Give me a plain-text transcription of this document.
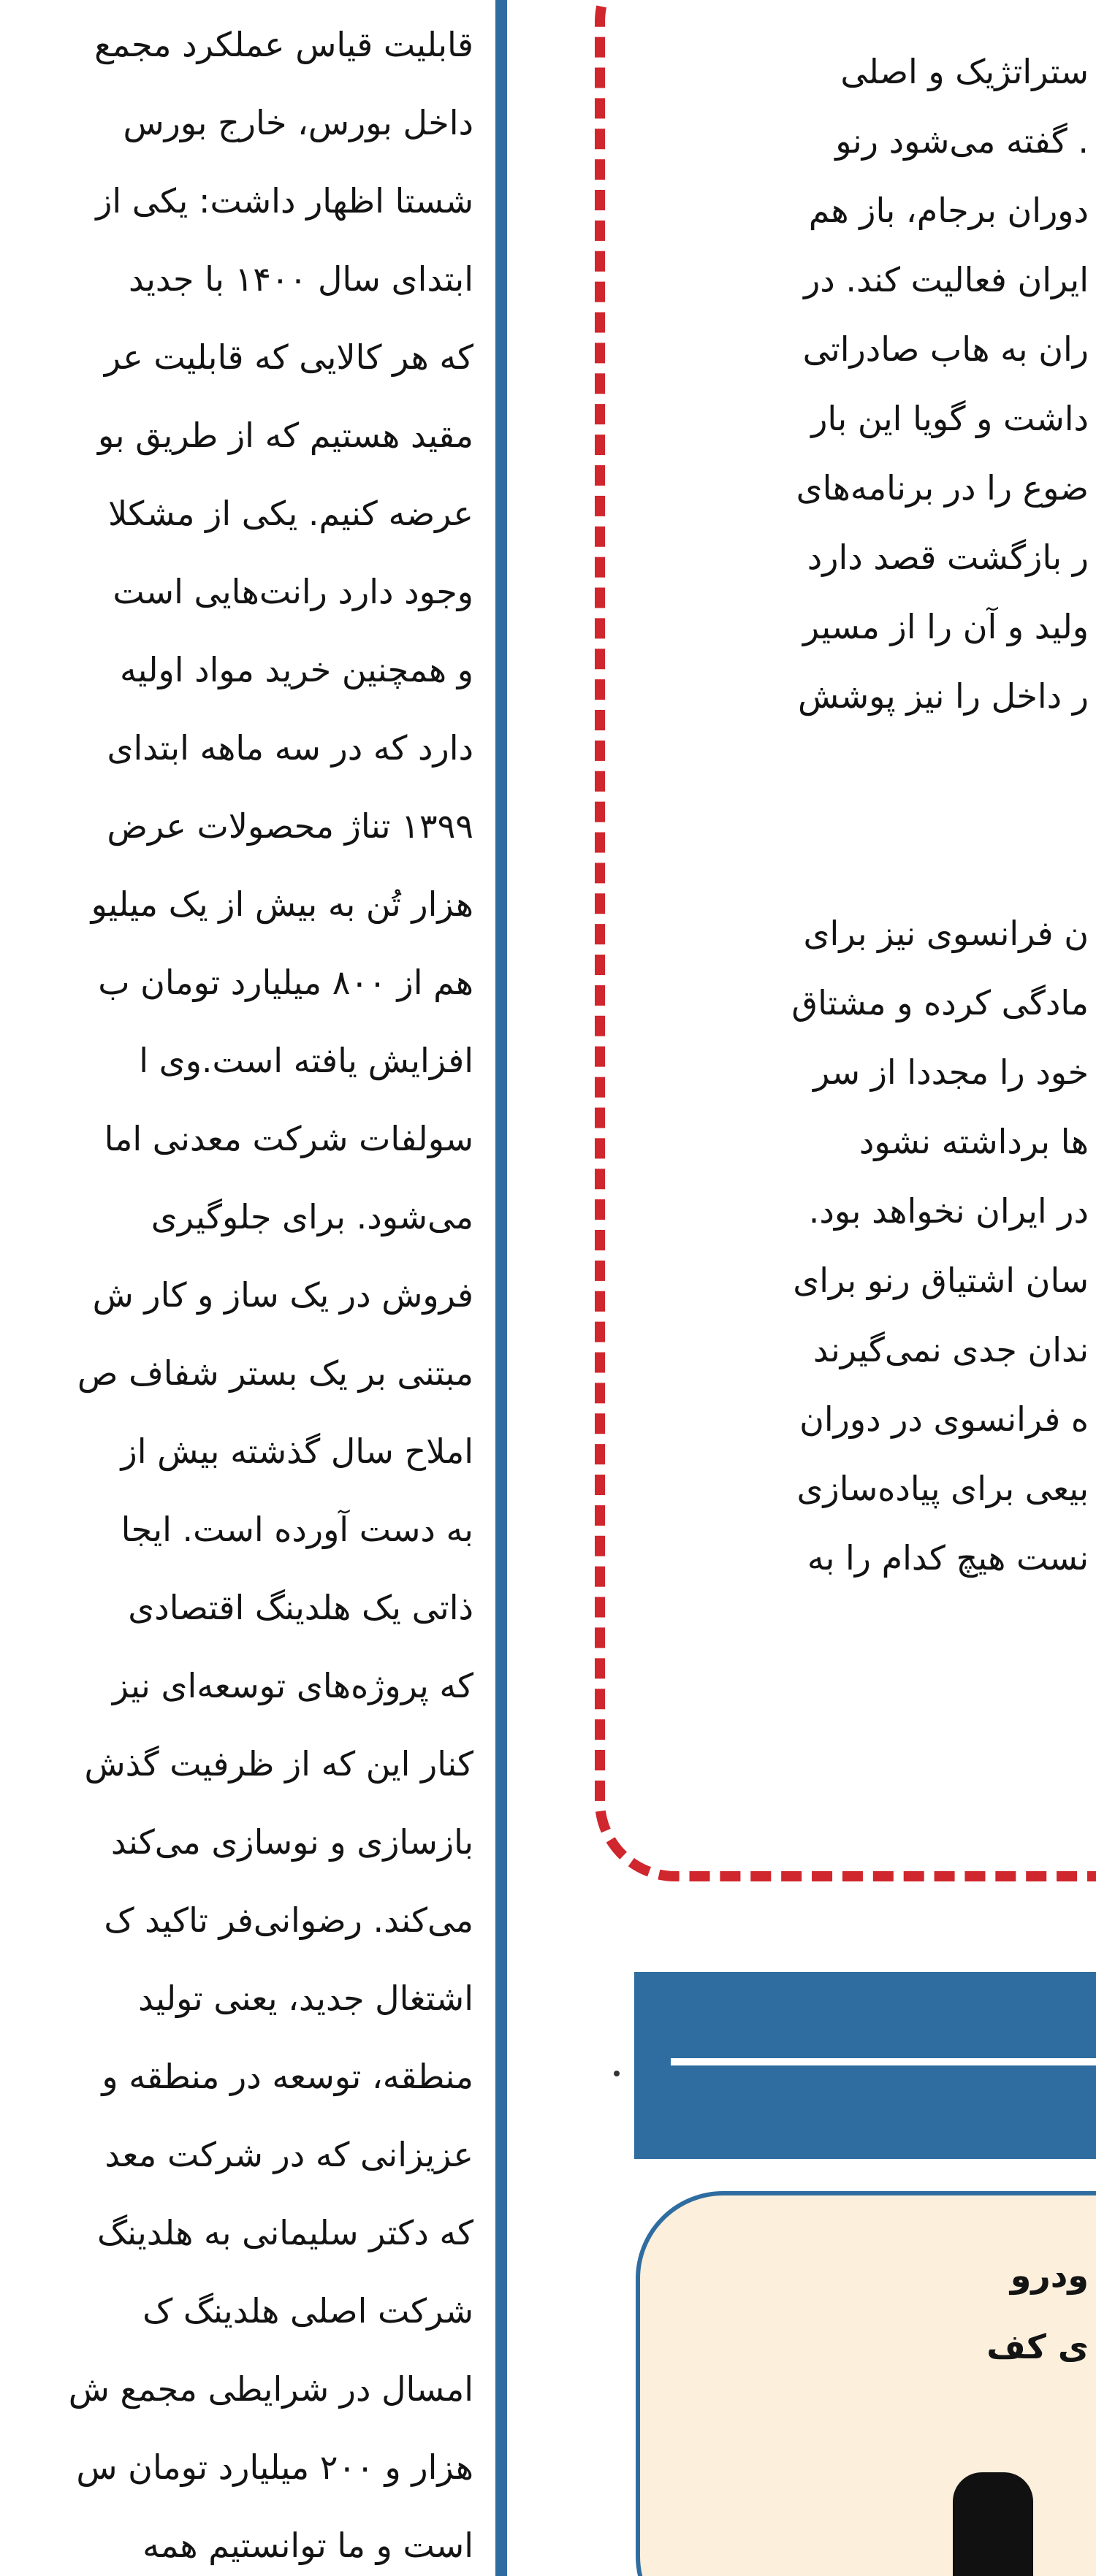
قابلیت قیاس عملکرد مجمع

داخل بورس، خارج بورس

شستا اظهار داشت: یکی از

ابتدای سال ۱۴۰۰ با جدید

که هر کالایی که قابلیت عر

مقید هستیم که از طریق بو

عرضه کنیم. یکی از مشکلا

وجود دارد رانت‌هایی است

و همچنین خرید مواد اولیه

دارد که در سه ماهه ابتدای

۱۳۹۹ تناژ محصولات عرض

هزار تُن به بیش از یک میلیو

هم از ۸۰۰ میلیارد تومان ب

افزایش یافته است.وی ا

سولفات شرکت معدنی اما

می‌شود. برای جلوگیری

فروش در یک ساز و کار ش

مبتنی بر یک بستر شفاف ص

املاح سال گذشته بیش از

به دست آورده است. ایجا

ذاتی یک هلدینگ اقتصادی

که پروژه‌های توسعه‌ای نیز

کنار این که از ظرفیت گذش

بازسازی و نوسازی می‌کند

می‌کند. رضوانی‌فر تاکید ک

اشتغال جدید، یعنی تولید

منطقه، توسعه در منطقه و

عزیزانی که در شرکت معد

که دکتر سلیمانی به هلدینگ

شرکت اصلی هلدینگ ک

امسال در شرایطی مجمع ش

هزار و ۲۰۰ میلیارد تومان س

است و ما توانستیم همه

ودرو

ی کف

ستراتژیک و اصلی

. گفته می‌شود رنو

دوران برجام، باز هم

ایران فعالیت کند. در

ران به هاب صادراتی

داشت و گویا این بار

ضوع را در برنامه‌های

ر بازگشت قصد دارد

ولید و آن را از مسیر

ر داخل را نیز پوشش

ن فرانسوی نیز برای

مادگی کرده و مشتاق

خود را مجددا از سر

ها برداشته نشود

در ایران نخواهد بود.

سان اشتیاق رنو برای

ندان جدی نمی‌گیرند

ه فرانسوی در دوران

بیعی برای پیاده‌سازی

نست هیچ کدام را به
